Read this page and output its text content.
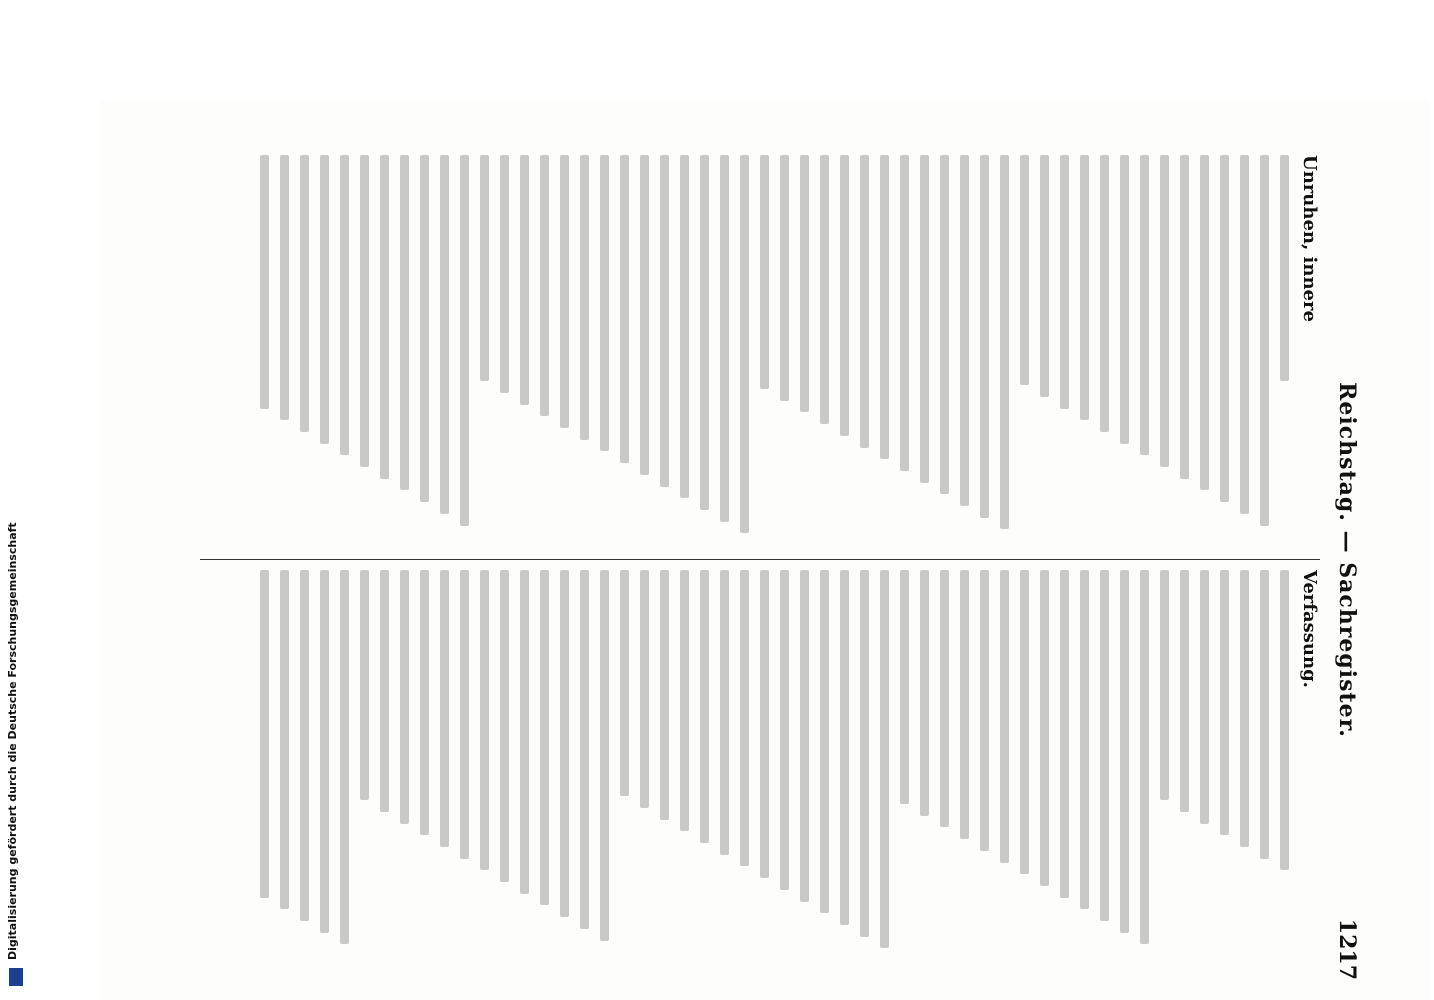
Reichstag. — Sachregister.
1217
Unruhen, innere
Verfassung.
Digitalisierung gefördert durch die Deutsche Forschungsgemeinschaft
